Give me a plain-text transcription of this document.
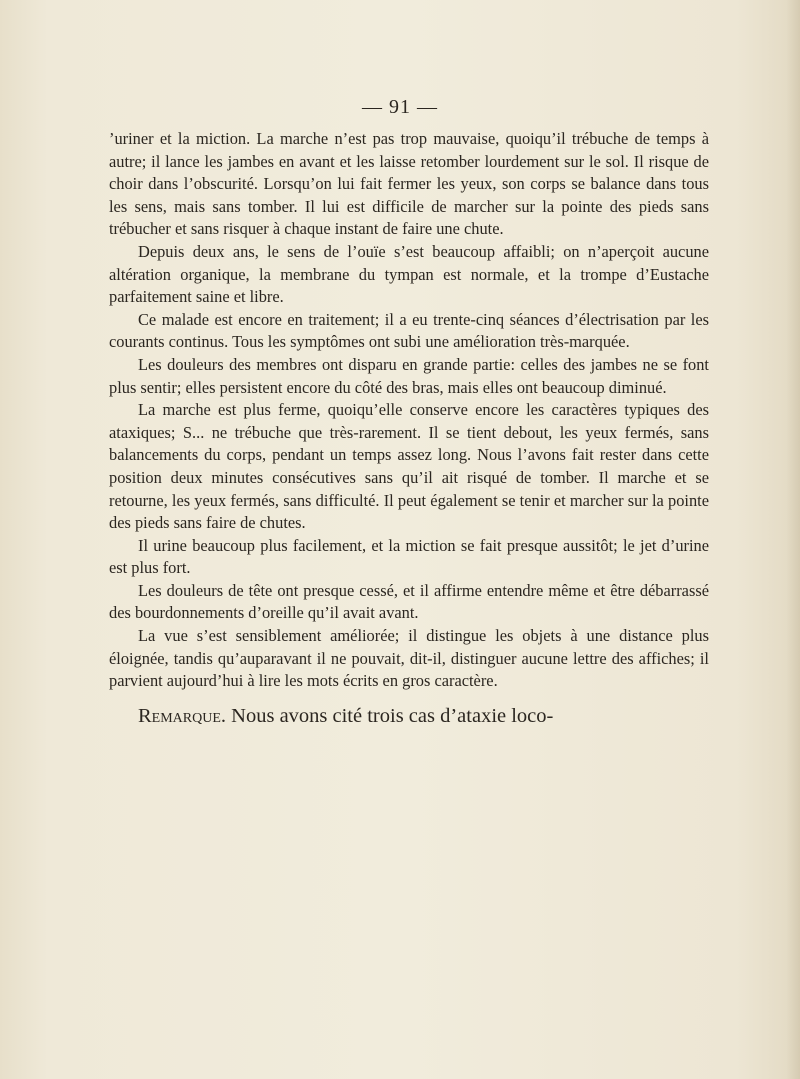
— 91 —

’uriner et la miction. La marche n’est pas trop mauvaise, quoiqu’il trébuche de temps à autre; il lance les jambes en avant et les laisse retomber lourdement sur le sol. Il risque de choir dans l’obscurité. Lorsqu’on lui fait fermer les yeux, son corps se balance dans tous les sens, mais sans tomber. Il lui est difficile de marcher sur la pointe des pieds sans trébucher et sans risquer à chaque instant de faire une chute.

Depuis deux ans, le sens de l’ouïe s’est beaucoup affaibli; on n’aperçoit aucune altération organique, la membrane du tympan est normale, et la trompe d’Eustache parfaitement saine et libre.

Ce malade est encore en traitement; il a eu trente-cinq séances d’électrisation par les courants continus. Tous les symptômes ont subi une amélioration très-marquée.

Les douleurs des membres ont disparu en grande partie: celles des jambes ne se font plus sentir; elles persistent encore du côté des bras, mais elles ont beaucoup diminué.

La marche est plus ferme, quoiqu’elle conserve encore les caractères typiques des ataxiques; S... ne trébuche que très-rarement. Il se tient debout, les yeux fermés, sans balancements du corps, pendant un temps assez long. Nous l’avons fait rester dans cette position deux minutes consécutives sans qu’il ait risqué de tomber. Il marche et se retourne, les yeux fermés, sans difficulté. Il peut également se tenir et marcher sur la pointe des pieds sans faire de chutes.

Il urine beaucoup plus facilement, et la miction se fait presque aussitôt; le jet d’urine est plus fort.

Les douleurs de tête ont presque cessé, et il affirme entendre même et être débarrassé des bourdonnements d’oreille qu’il avait avant.

La vue s’est sensiblement améliorée; il distingue les objets à une distance plus éloignée, tandis qu’auparavant il ne pouvait, dit-il, distinguer aucune lettre des affiches; il parvient aujourd’hui à lire les mots écrits en gros caractère.

Remarque. Nous avons cité trois cas d’ataxie loco-
